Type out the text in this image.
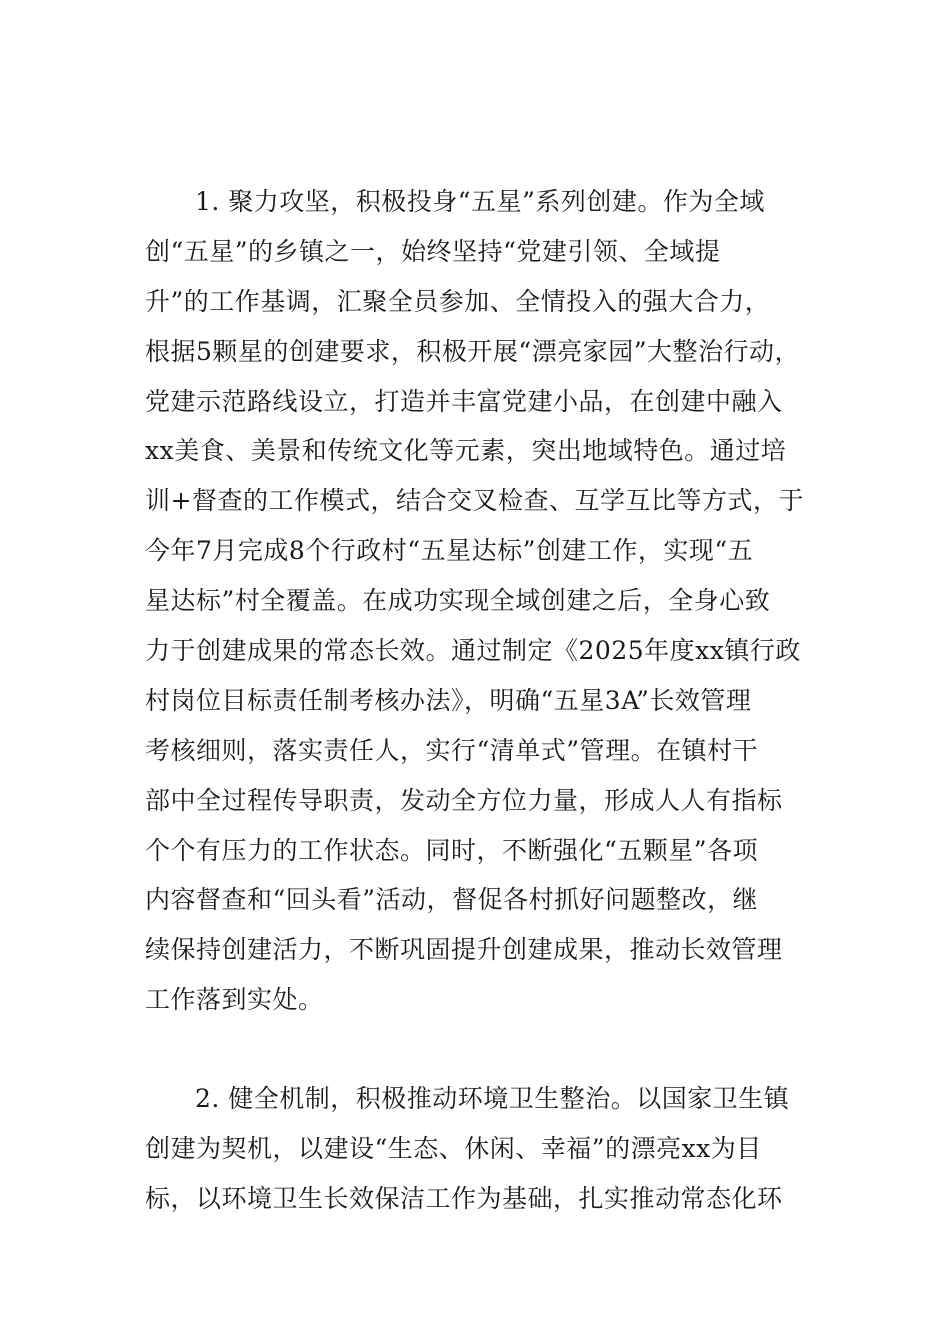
1. 聚力攻坚，积极投身“五星”系列创建。作为全域
创“五星”的乡镇之一，始终坚持“党建引领、全域提
升”的工作基调，汇聚全员参加、全情投入的强大合力，
根据5颗星的创建要求，积极开展“漂亮家园”大整治行动，
党建示范路线设立，打造并丰富党建小品，在创建中融入
xx美食、美景和传统文化等元素，突出地域特色。通过培
训+督查的工作模式，结合交叉检查、互学互比等方式，于
今年7月完成8个行政村“五星达标”创建工作，实现“五
星达标”村全覆盖。在成功实现全域创建之后，全身心致
力于创建成果的常态长效。通过制定《2025年度xx镇行政
村岗位目标责任制考核办法》，明确“五星3A”长效管理
考核细则，落实责任人，实行“清单式”管理。在镇村干
部中全过程传导职责，发动全方位力量，形成人人有指标
个个有压力的工作状态。同时，不断强化“五颗星”各项
内容督查和“回头看”活动，督促各村抓好问题整改，继
续保持创建活力，不断巩固提升创建成果，推动长效管理
工作落到实处。
2. 健全机制，积极推动环境卫生整治。以国家卫生镇
创建为契机，以建设“生态、休闲、幸福”的漂亮xx为目
标，以环境卫生长效保洁工作为基础，扎实推动常态化环
